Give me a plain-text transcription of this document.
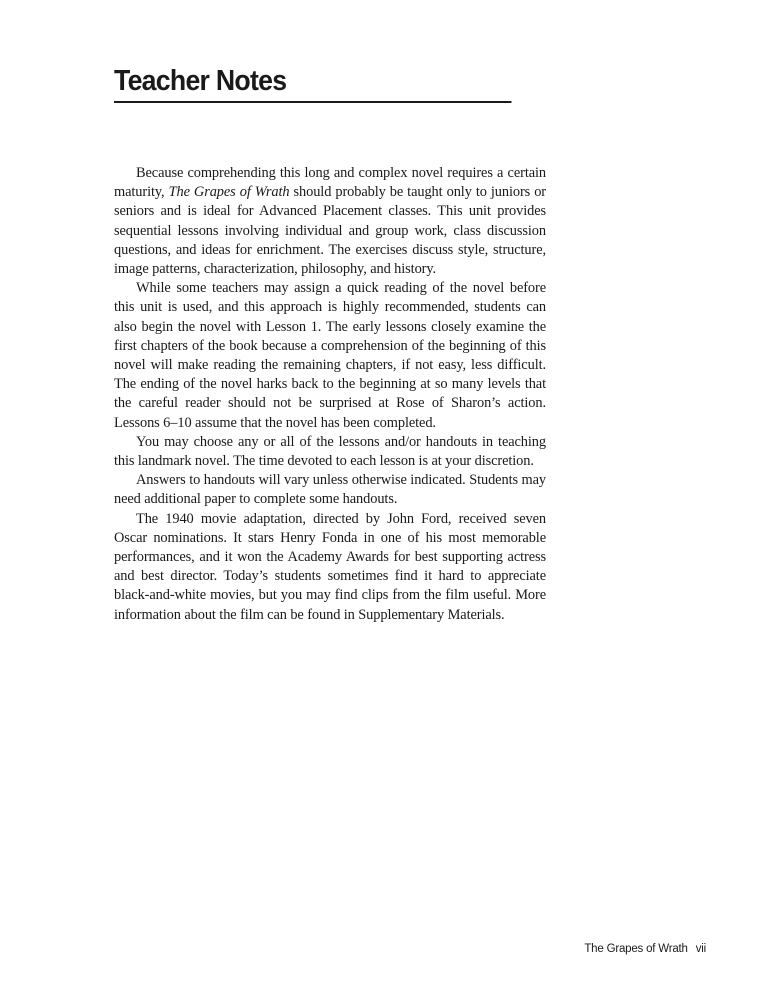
Teacher Notes

Because comprehending this long and complex novel requires a certain maturity, The Grapes of Wrath should probably be taught only to juniors or seniors and is ideal for Advanced Placement classes. This unit provides sequential lessons involving individual and group work, class discussion questions, and ideas for enrichment. The exercises discuss style, structure, image patterns, characterization, philosophy, and history.

While some teachers may assign a quick reading of the novel before this unit is used, and this approach is highly recommended, students can also begin the novel with Lesson 1. The early lessons closely examine the first chapters of the book because a comprehension of the beginning of this novel will make reading the remaining chapters, if not easy, less difficult. The ending of the novel harks back to the beginning at so many levels that the careful reader should not be surprised at Rose of Sharon’s action. Lessons 6–10 assume that the novel has been completed.

You may choose any or all of the lessons and/or handouts in teaching this landmark novel. The time devoted to each lesson is at your discretion.

Answers to handouts will vary unless otherwise indicated. Students may need additional paper to complete some handouts.

The 1940 movie adaptation, directed by John Ford, received seven Oscar nominations. It stars Henry Fonda in one of his most memorable performances, and it won the Academy Awards for best supporting actress and best director. Today’s students sometimes find it hard to appreciate black-and-white movies, but you may find clips from the film useful. More information about the film can be found in Supplementary Materials.

The Grapes of Wrath vii
